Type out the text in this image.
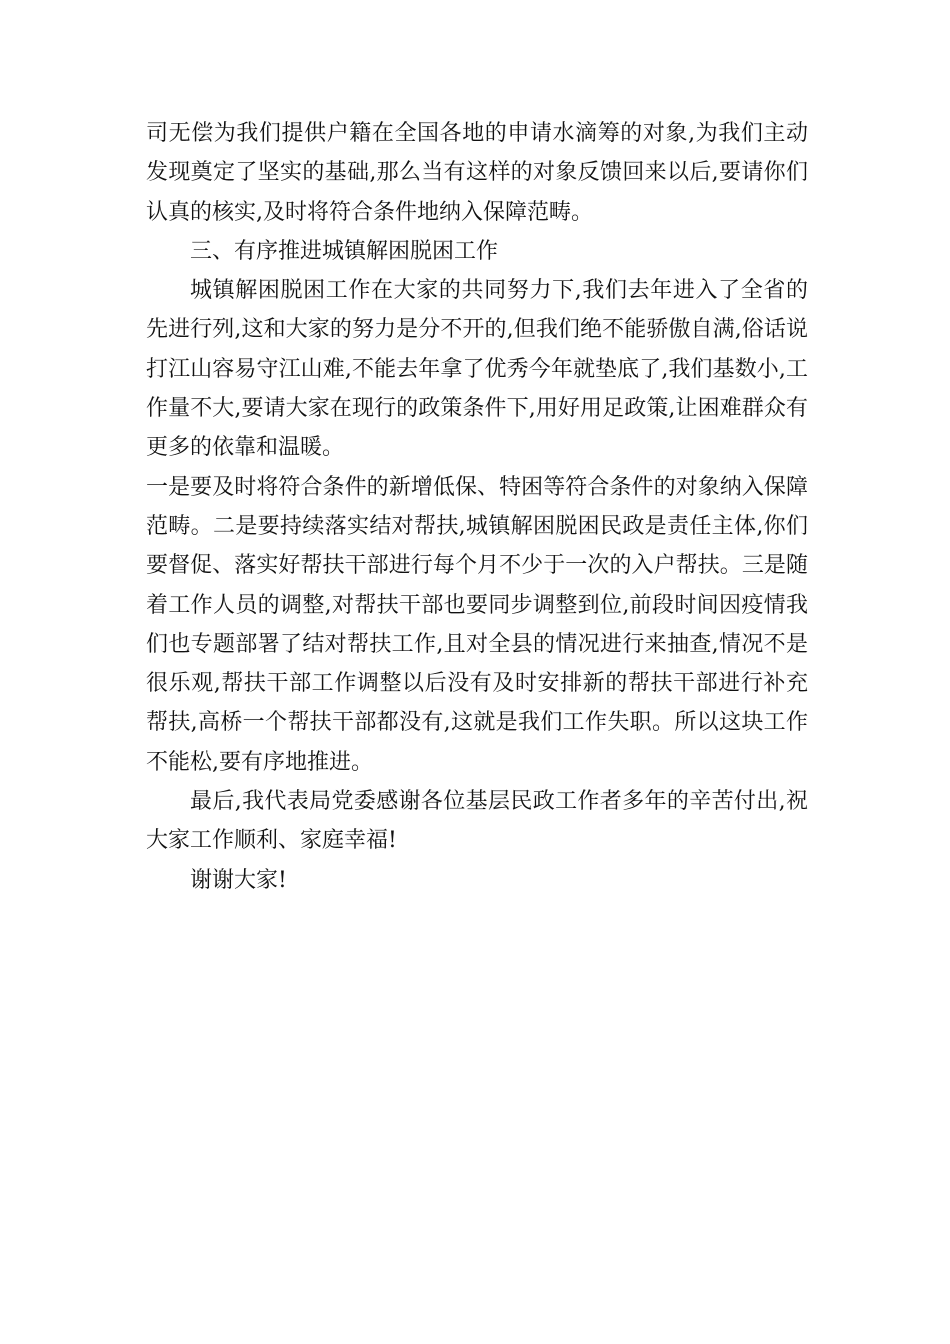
司无偿为我们提供户籍在全国各地的申请水滴筹的对象,为我们主动发现奠定了坚实的基础,那么当有这样的对象反馈回来以后,要请你们认真的核实,及时将符合条件地纳入保障范畴。

三、有序推进城镇解困脱困工作

城镇解困脱困工作在大家的共同努力下,我们去年进入了全省的先进行列,这和大家的努力是分不开的,但我们绝不能骄傲自满,俗话说打江山容易守江山难,不能去年拿了优秀今年就垫底了,我们基数小,工作量不大,要请大家在现行的政策条件下,用好用足政策,让困难群众有更多的依靠和温暖。

一是要及时将符合条件的新增低保、特困等符合条件的对象纳入保障范畴。二是要持续落实结对帮扶,城镇解困脱困民政是责任主体,你们要督促、落实好帮扶干部进行每个月不少于一次的入户帮扶。三是随着工作人员的调整,对帮扶干部也要同步调整到位,前段时间因疫情我们也专题部署了结对帮扶工作,且对全县的情况进行来抽查,情况不是很乐观,帮扶干部工作调整以后没有及时安排新的帮扶干部进行补充帮扶,高桥一个帮扶干部都没有,这就是我们工作失职。所以这块工作不能松,要有序地推进。

最后,我代表局党委感谢各位基层民政工作者多年的辛苦付出,祝大家工作顺利、家庭幸福!

谢谢大家!
